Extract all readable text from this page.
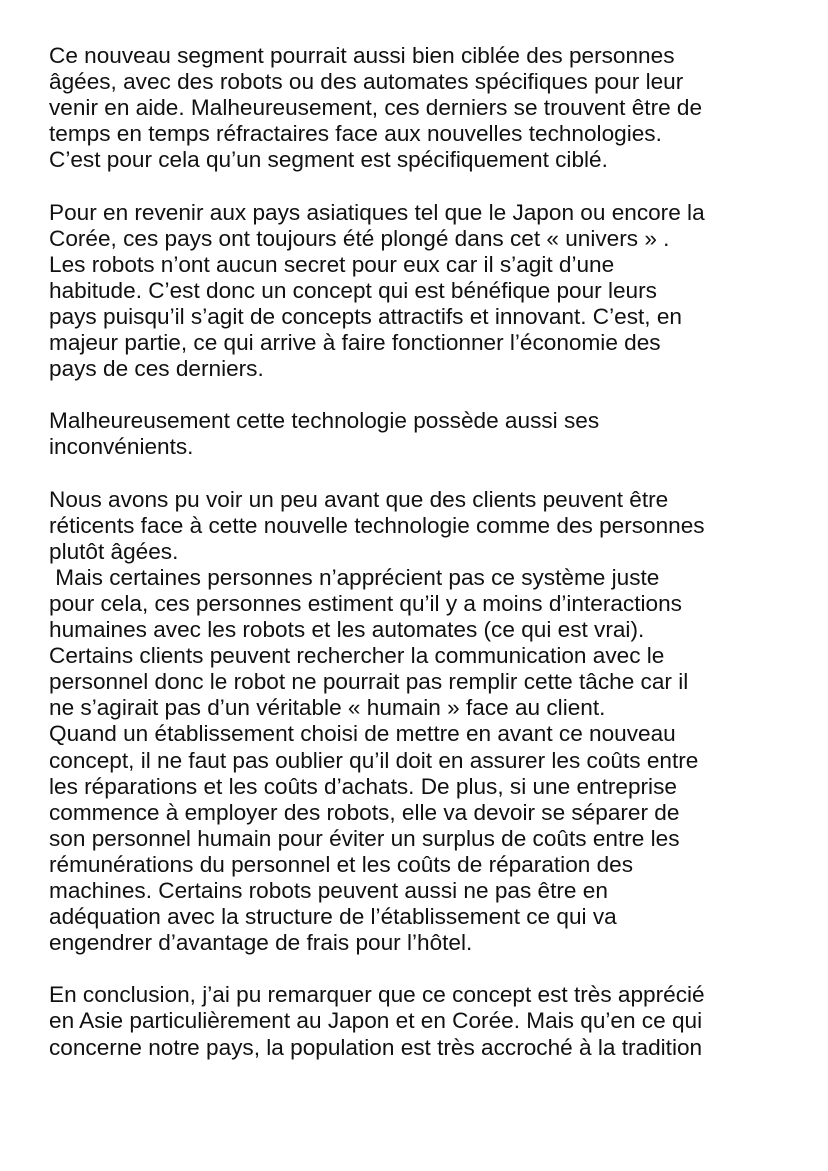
Ce nouveau segment pourrait aussi bien ciblée des personnes
âgées, avec des robots ou des automates spécifiques pour leur
venir en aide. Malheureusement, ces derniers se trouvent être de
temps en temps réfractaires face aux nouvelles technologies.
C’est pour cela qu’un segment est spécifiquement ciblé.
Pour en revenir aux pays asiatiques tel que le Japon ou encore la
Corée, ces pays ont toujours été plongé dans cet « univers » .
Les robots n’ont aucun secret pour eux car il s’agit d’une
habitude. C’est donc un concept qui est bénéfique pour leurs
pays puisqu’il s’agit de concepts attractifs et innovant. C’est, en
majeur partie, ce qui arrive à faire fonctionner l’économie des
pays de ces derniers.
Malheureusement cette technologie possède aussi ses
inconvénients.
Nous avons pu voir un peu avant que des clients peuvent être
réticents face à cette nouvelle technologie comme des personnes
plutôt âgées.
Mais certaines personnes n’apprécient pas ce système juste
pour cela, ces personnes estiment qu’il y a moins d’interactions
humaines avec les robots et les automates (ce qui est vrai).
Certains clients peuvent rechercher la communication avec le
personnel donc le robot ne pourrait pas remplir cette tâche car il
ne s’agirait pas d’un véritable « humain » face au client.
Quand un établissement choisi de mettre en avant ce nouveau
concept, il ne faut pas oublier qu’il doit en assurer les coûts entre
les réparations et les coûts d’achats. De plus, si une entreprise
commence à employer des robots, elle va devoir se séparer de
son personnel humain pour éviter un surplus de coûts entre les
rémunérations du personnel et les coûts de réparation des
machines. Certains robots peuvent aussi ne pas être en
adéquation avec la structure de l’établissement ce qui va
engendrer d’avantage de frais pour l’hôtel.
En conclusion, j’ai pu remarquer que ce concept est très apprécié
en Asie particulièrement au Japon et en Corée. Mais qu’en ce qui
concerne notre pays, la population est très accroché à la tradition
